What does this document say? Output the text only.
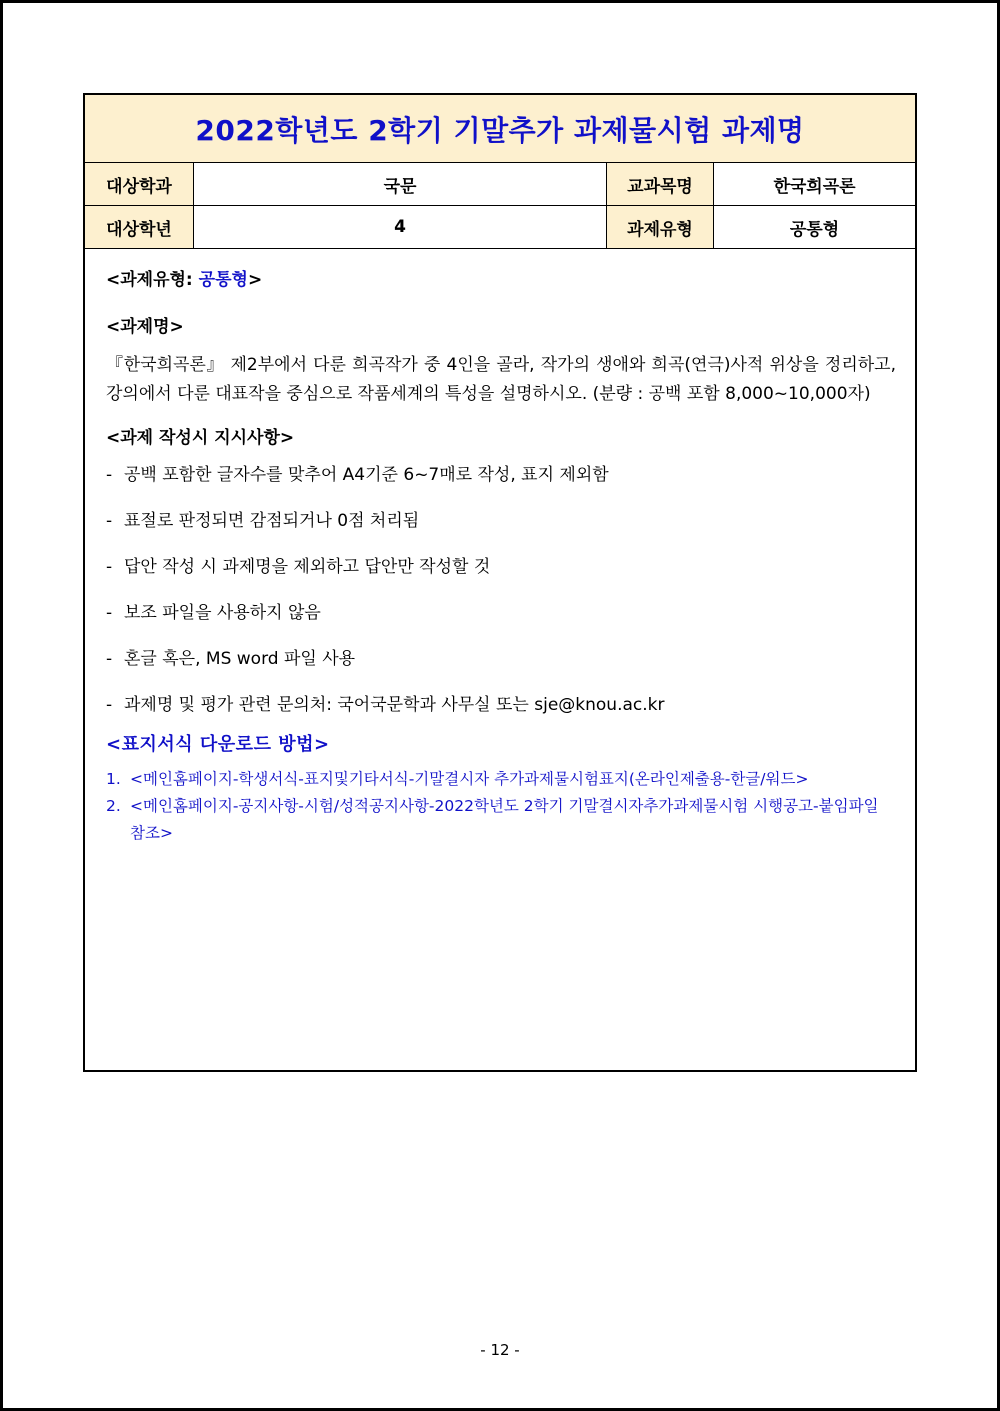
2022학년도 2학기 기말추가 과제물시험 과제명
대상학과	국문	교과목명	한국희곡론
대상학년	4	과제유형	공통형
<과제유형: 공통형>
<과제명>
『한국희곡론』 제2부에서 다룬 희곡작가 중 4인을 골라, 작가의 생애와 희곡(연극)사적 위상을 정리하고, 강의에서 다룬 대표작을 중심으로 작품세계의 특성을 설명하시오. (분량 : 공백 포함 8,000~10,000자)
<과제 작성시 지시사항>
- 공백 포함한 글자수를 맞추어 A4기준 6~7매로 작성, 표지 제외함
- 표절로 판정되면 감점되거나 0점 처리됨
- 답안 작성 시 과제명을 제외하고 답안만 작성할 것
- 보조 파일을 사용하지 않음
- 혼글 혹은, MS word 파일 사용
- 과제명 및 평가 관련 문의처: 국어국문학과 사무실 또는 sje@knou.ac.kr
<표지서식 다운로드 방법>
1. <메인홈페이지-학생서식-표지및기타서식-기말결시자 추가과제물시험표지(온라인제출용-한글/워드>
2. <메인홈페이지-공지사항-시험/성적공지사항-2022학년도 2학기 기말결시자추가과제물시험 시행공고-붙임파일 참조>
- 12 -
